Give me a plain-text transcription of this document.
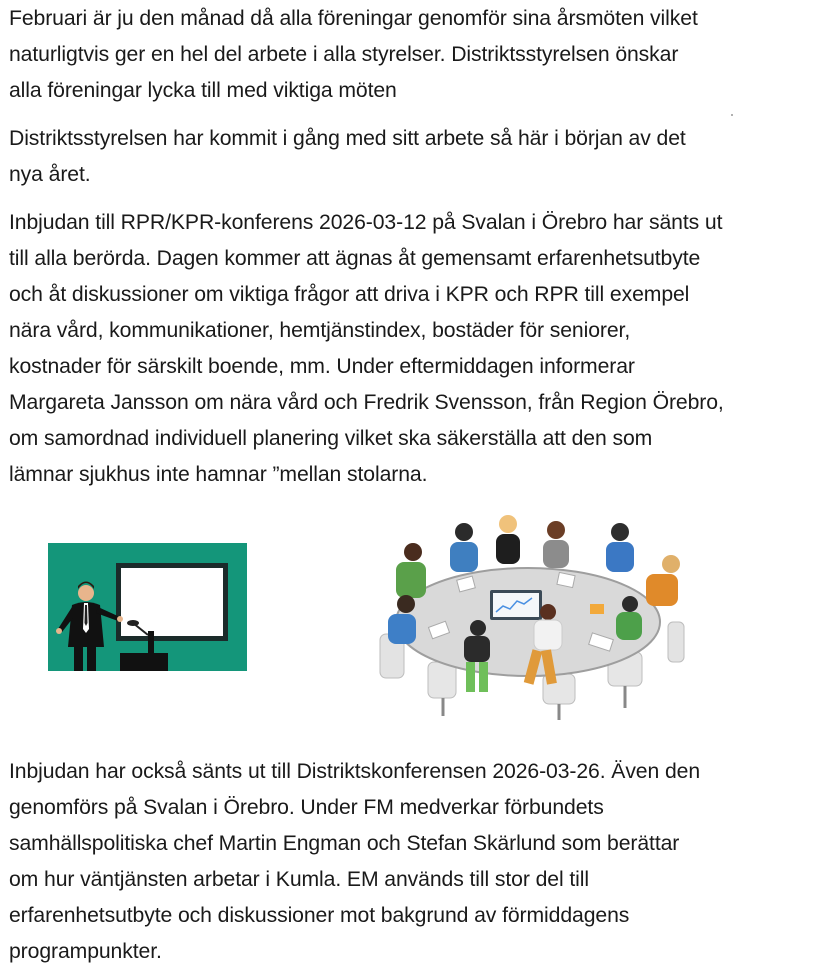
Februari är ju den månad då alla föreningar genomför sina årsmöten vilket
naturligtvis ger en hel del arbete i alla styrelser. Distriktsstyrelsen önskar
alla föreningar lycka till med viktiga möten

Distriktsstyrelsen har kommit i gång med sitt arbete så här i början av det
nya året.

Inbjudan till RPR/KPR-konferens 2026-03-12 på Svalan i Örebro har sänts ut
till alla berörda. Dagen kommer att ägnas åt gemensamt erfarenhetsutbyte
och åt diskussioner om viktiga frågor att driva i KPR och RPR till exempel
nära vård, kommunikationer, hemtjänstindex, bostäder för seniorer,
kostnader för särskilt boende, mm. Under eftermiddagen informerar
Margareta Jansson om nära vård och Fredrik Svensson, från Region Örebro,
om samordnad individuell planering vilket ska säkerställa att den som
lämnar sjukhus inte hamnar ”mellan stolarna.

Inbjudan har också sänts ut till Distriktskonferensen 2026-03-26. Även den
genomförs på Svalan i Örebro. Under FM medverkar förbundets
samhällspolitiska chef Martin Engman och Stefan Skärlund som berättar
om hur väntjänsten arbetar i Kumla. EM används till stor del till
erfarenhetsutbyte och diskussioner mot bakgrund av förmiddagens
programpunkter.
